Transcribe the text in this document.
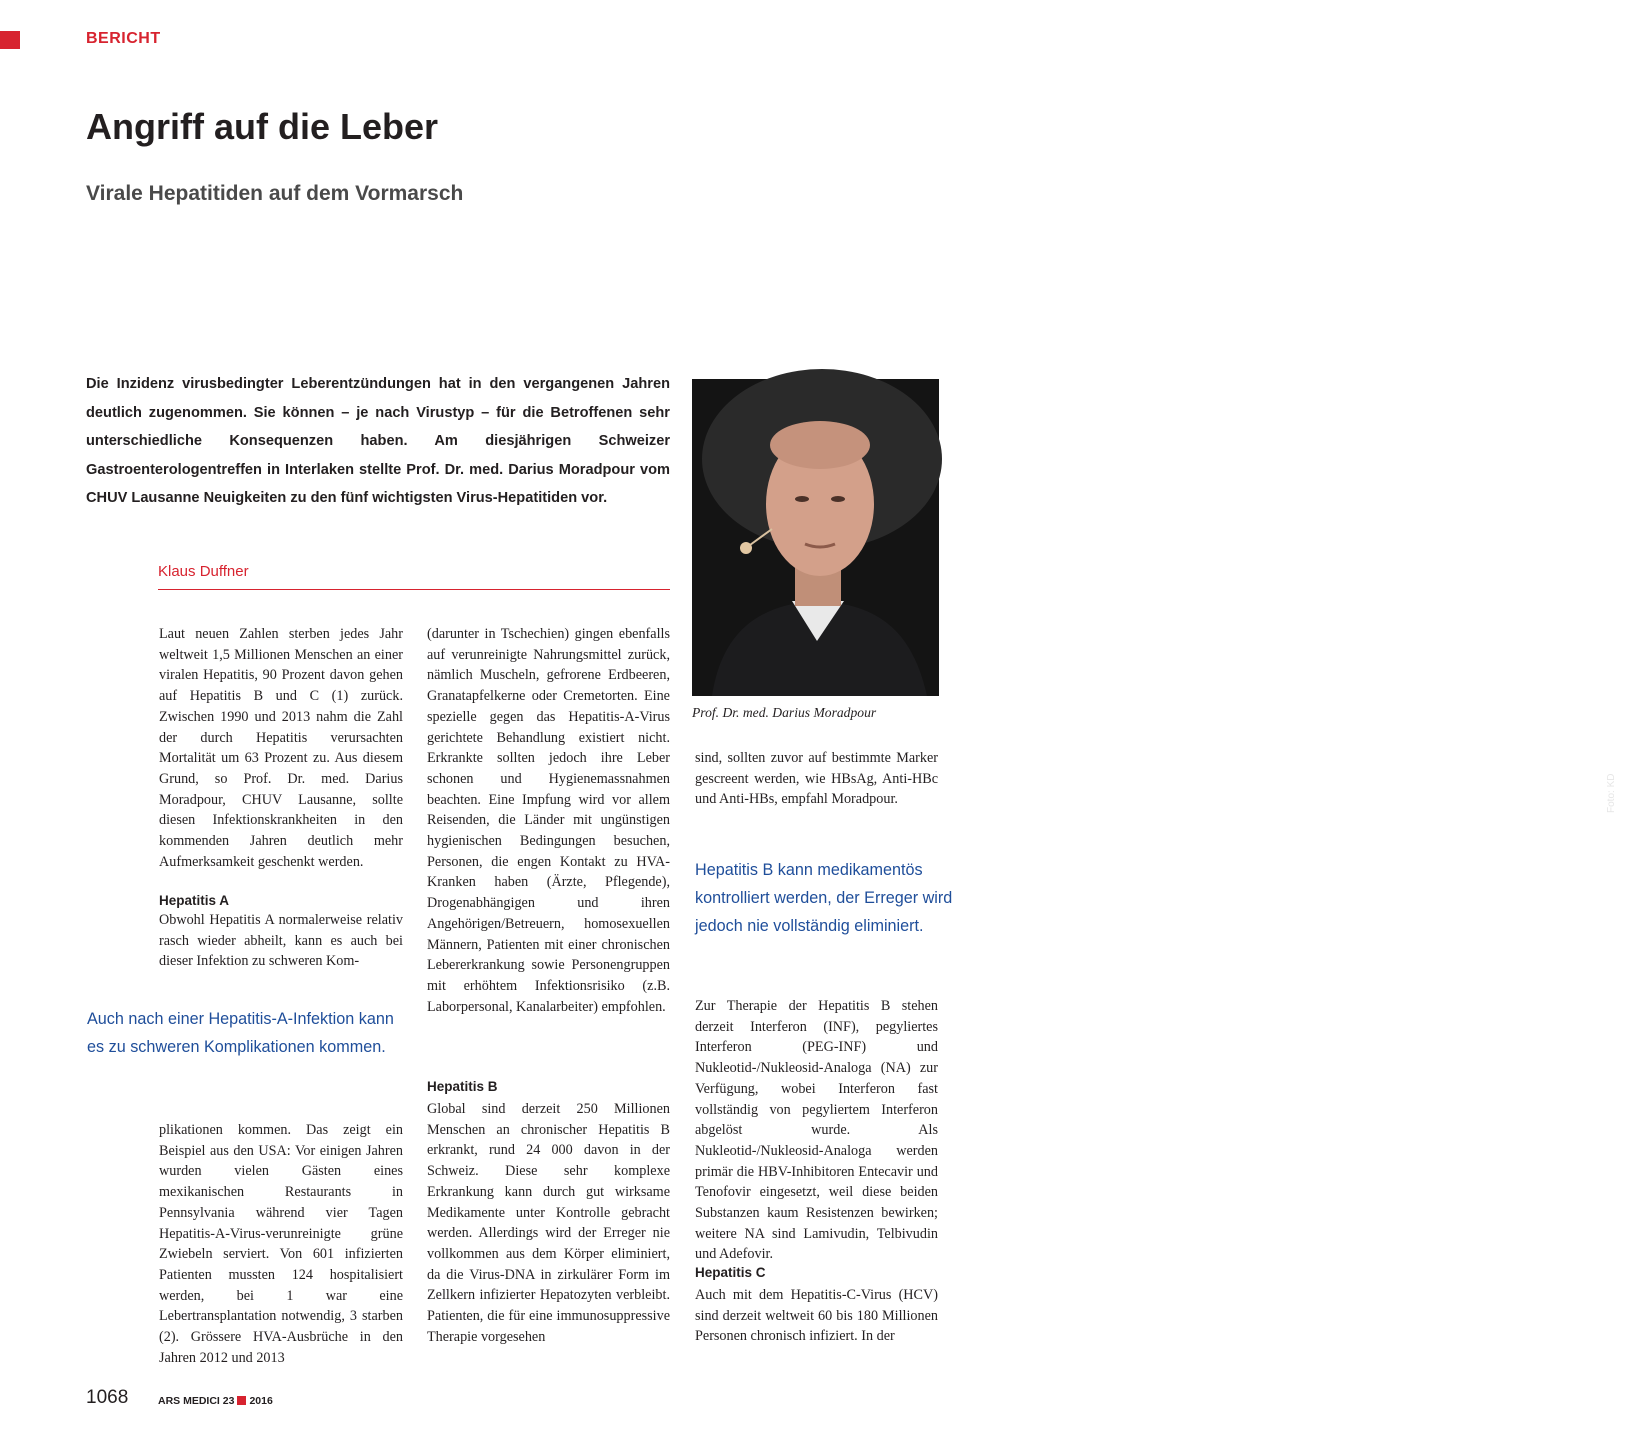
BERICHT
Angriff auf die Leber
Virale Hepatitiden auf dem Vormarsch

Die Inzidenz virusbedingter Leberentzündungen hat in den vergangenen Jahren deutlich zugenommen. Sie können – je nach Virustyp – für die Betroffenen sehr unterschiedliche Konsequenzen haben. Am diesjährigen Schweizer Gastroenterologentreffen in Interlaken stellte Prof. Dr. med. Darius Moradpour vom CHUV Lausanne Neuigkeiten zu den fünf wichtigsten Virus-Hepatitiden vor.

Klaus Duffner
Foto: KD
Prof. Dr. med. Darius Moradpour

Laut neuen Zahlen sterben jedes Jahr weltweit 1,5 Millionen Menschen an einer viralen Hepatitis, 90 Prozent davon gehen auf Hepatitis B und C (1) zurück. Zwischen 1990 und 2013 nahm die Zahl der durch Hepatitis verursachten Mortalität um 63 Prozent zu. Aus diesem Grund, so Prof. Dr. med. Darius Moradpour, CHUV Lausanne, sollte diesen Infektionskrankheiten in den kommenden Jahren deutlich mehr Aufmerksamkeit geschenkt werden.

Hepatitis A

Obwohl Hepatitis A normalerweise relativ rasch wieder abheilt, kann es auch bei dieser Infektion zu schweren Kom-

Auch nach einer Hepatitis-A-Infektion kann es zu schweren Komplikationen kommen.

plikationen kommen. Das zeigt ein Beispiel aus den USA: Vor einigen Jahren wurden vielen Gästen eines mexikanischen Restaurants in Pennsylvania während vier Tagen Hepatitis-A-Virus-verunreinigte grüne Zwiebeln serviert. Von 601 infizierten Patienten mussten 124 hospitalisiert werden, bei 1 war eine Lebertransplantation notwendig, 3 starben (2). Grössere HVA-Ausbrüche in den Jahren 2012 und 2013

(darunter in Tschechien) gingen ebenfalls auf verunreinigte Nahrungsmittel zurück, nämlich Muscheln, gefrorene Erdbeeren, Granatapfelkerne oder Cremetorten. Eine spezielle gegen das Hepatitis-A-Virus gerichtete Behandlung existiert nicht. Erkrankte sollten jedoch ihre Leber schonen und Hygienemassnahmen beachten. Eine Impfung wird vor allem Reisenden, die Länder mit ungünstigen hygienischen Bedingungen besuchen, Personen, die engen Kontakt zu HVA-Kranken haben (Ärzte, Pflegende), Drogenabhängigen und ihren Angehörigen/Betreuern, homosexuellen Männern, Patienten mit einer chronischen Lebererkrankung sowie Personengruppen mit erhöhtem Infektionsrisiko (z.B. Laborpersonal, Kanalarbeiter) empfohlen.

Hepatitis B

Global sind derzeit 250 Millionen Menschen an chronischer Hepatitis B erkrankt, rund 24 000 davon in der Schweiz. Diese sehr komplexe Erkrankung kann durch gut wirksame Medikamente unter Kontrolle gebracht werden. Allerdings wird der Erreger nie vollkommen aus dem Körper eliminiert, da die Virus-DNA in zirkulärer Form im Zellkern infizierter Hepatozyten verbleibt. Patienten, die für eine immunosuppressive Therapie vorgesehen

sind, sollten zuvor auf bestimmte Marker gescreent werden, wie HBsAg, Anti-HBc und Anti-HBs, empfahl Moradpour.

Hepatitis B kann medikamentös kontrolliert werden, der Erreger wird jedoch nie vollständig eliminiert.

Zur Therapie der Hepatitis B stehen derzeit Interferon (INF), pegyliertes Interferon (PEG-INF) und Nukleotid-/Nukleosid-Analoga (NA) zur Verfügung, wobei Interferon fast vollständig von pegyliertem Interferon abgelöst wurde. Als Nukleotid-/Nukleosid-Analoga werden primär die HBV-Inhibitoren Entecavir und Tenofovir eingesetzt, weil diese beiden Substanzen kaum Resistenzen bewirken; weitere NA sind Lamivudin, Telbivudin und Adefovir.

Hepatitis C

Auch mit dem Hepatitis-C-Virus (HCV) sind derzeit weltweit 60 bis 180 Millionen Personen chronisch infiziert. In der

1068	ARS MEDICI 23 2016
